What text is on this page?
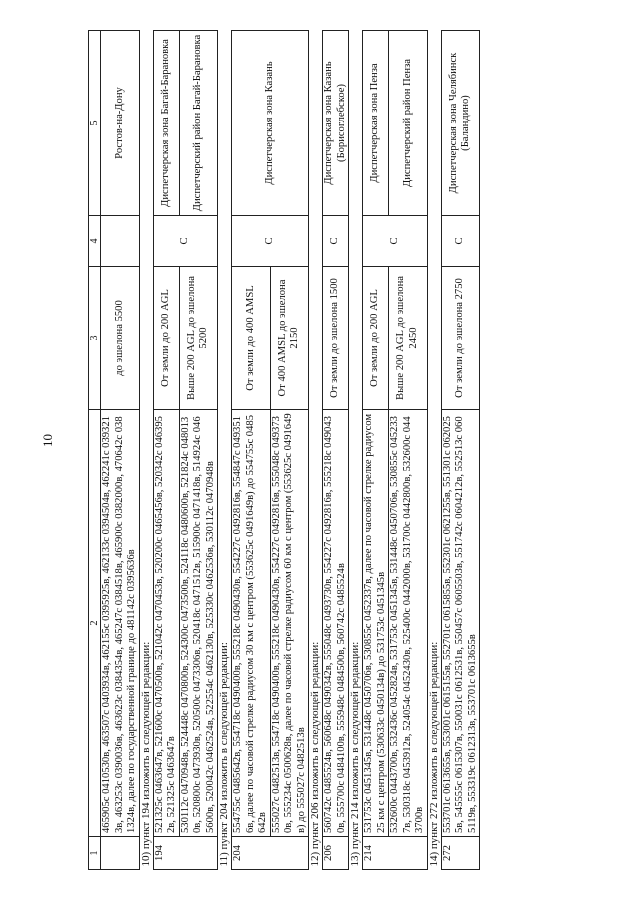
10
1	2	3	4	5
	465905с 0410530в, 463507с 0403934в, 462155с 0395925в, 462133с 0394504в, 462241с 0393213в, 463253с 0390036в, 463623с 0384354в, 465247с 0384518в, 465900с 0382000в, 470642с 0381324в, далее по государственной границе до 481142с 0395636в	до эшелона 5500		Ростов-на-Дону
10) пункт 194 изложить в следующей редакции:				
194	521325с 0463647в, 521600с 0470500в, 521042с 0470453в, 520200с 0465456в, 520342с 0463952в, 521325с 0463647в	От земли до 200 AGL	С	Диспетчерская зона Багай-Барановка
	530112с 0470948в, 524448с 0470800в, 524300с 0473500в, 524118с 0480600в, 521824с 0480130в, 520800с 0473930в, 520500с 0473306в, 520418с 0471512в, 515900с 0471418в, 514924с 0465600в, 520042с 0462524в, 522554с 0462130в, 525330с 0462536в, 530112с 0470948в	Выше 200 AGL до эшелона 5200		Диспетчерский район Багай-Барановка
11) пункт 204 изложить в следующей редакции:				
204	554755с 0485642в, 554718с 0490400в, 555218с 0490430в, 554227с 0492816в, 554847с 0493516в, далее по часовой стрелке радиусом 30 км с центром (553625с 0491649в) до 554755с 0485642в	От земли до 400 AMSL	С	Диспетчерская зона Казань
	555027с 0482513в, 554718с 0490400в, 555218с 0490430в, 554227с 0492816в, 555048с 0493730в, 555234с 0500628в, далее по часовой стрелке радиусом 60 км с центром (553625с 0491649в) до 555027с 0482513в	От 400 AMSL до эшелона 2150		
12) пункт 206 изложить в следующей редакции:				
206	560742с 0485524в, 560648с 0490342в, 555048с 0493730в, 554227с 0492816в, 555218с 0490430в, 555700с 0484100в, 555948с 0484500в, 560742с 0485524в	От земли до эшелона 1500	С	Диспетчерская зона Казань (Борисоглебское)
13) пункт 214 изложить в следующей редакции:				
214	531753с 0451345в, 531448с 0450706в, 530855с 0452337в, далее по часовой стрелке радиусом 25 км с центром (530633с 0450134в) до 531753с 0451345в	От земли до 200 AGL	С	Диспетчерская зона Пенза
	532600с 0443700в, 532436с 0452824в, 531753с 0451345в, 531448с 0450706в, 530855с 0452337в, 530318с 0453912в, 524054с 0452430в, 525400с 0442000в, 531700с 0442800в, 532600с 0443700в	Выше 200 AGL до эшелона 2450		Диспетчерский район Пенза
14) пункт 272 изложить в следующей редакции:				
272	553701с 0613655в, 553001с 0615155в, 552701с 0615855в, 552301с 0621255в, 551301с 0620255в, 545555с 0615307в, 550031с 0612531в, 550457с 0605503в, 551742с 0604212в, 552513с 0605119в, 553319с 0612313в, 553701с 0613655в	От земли до эшелона 2750	С	Диспетчерская зона Челябинск (Баландино)
